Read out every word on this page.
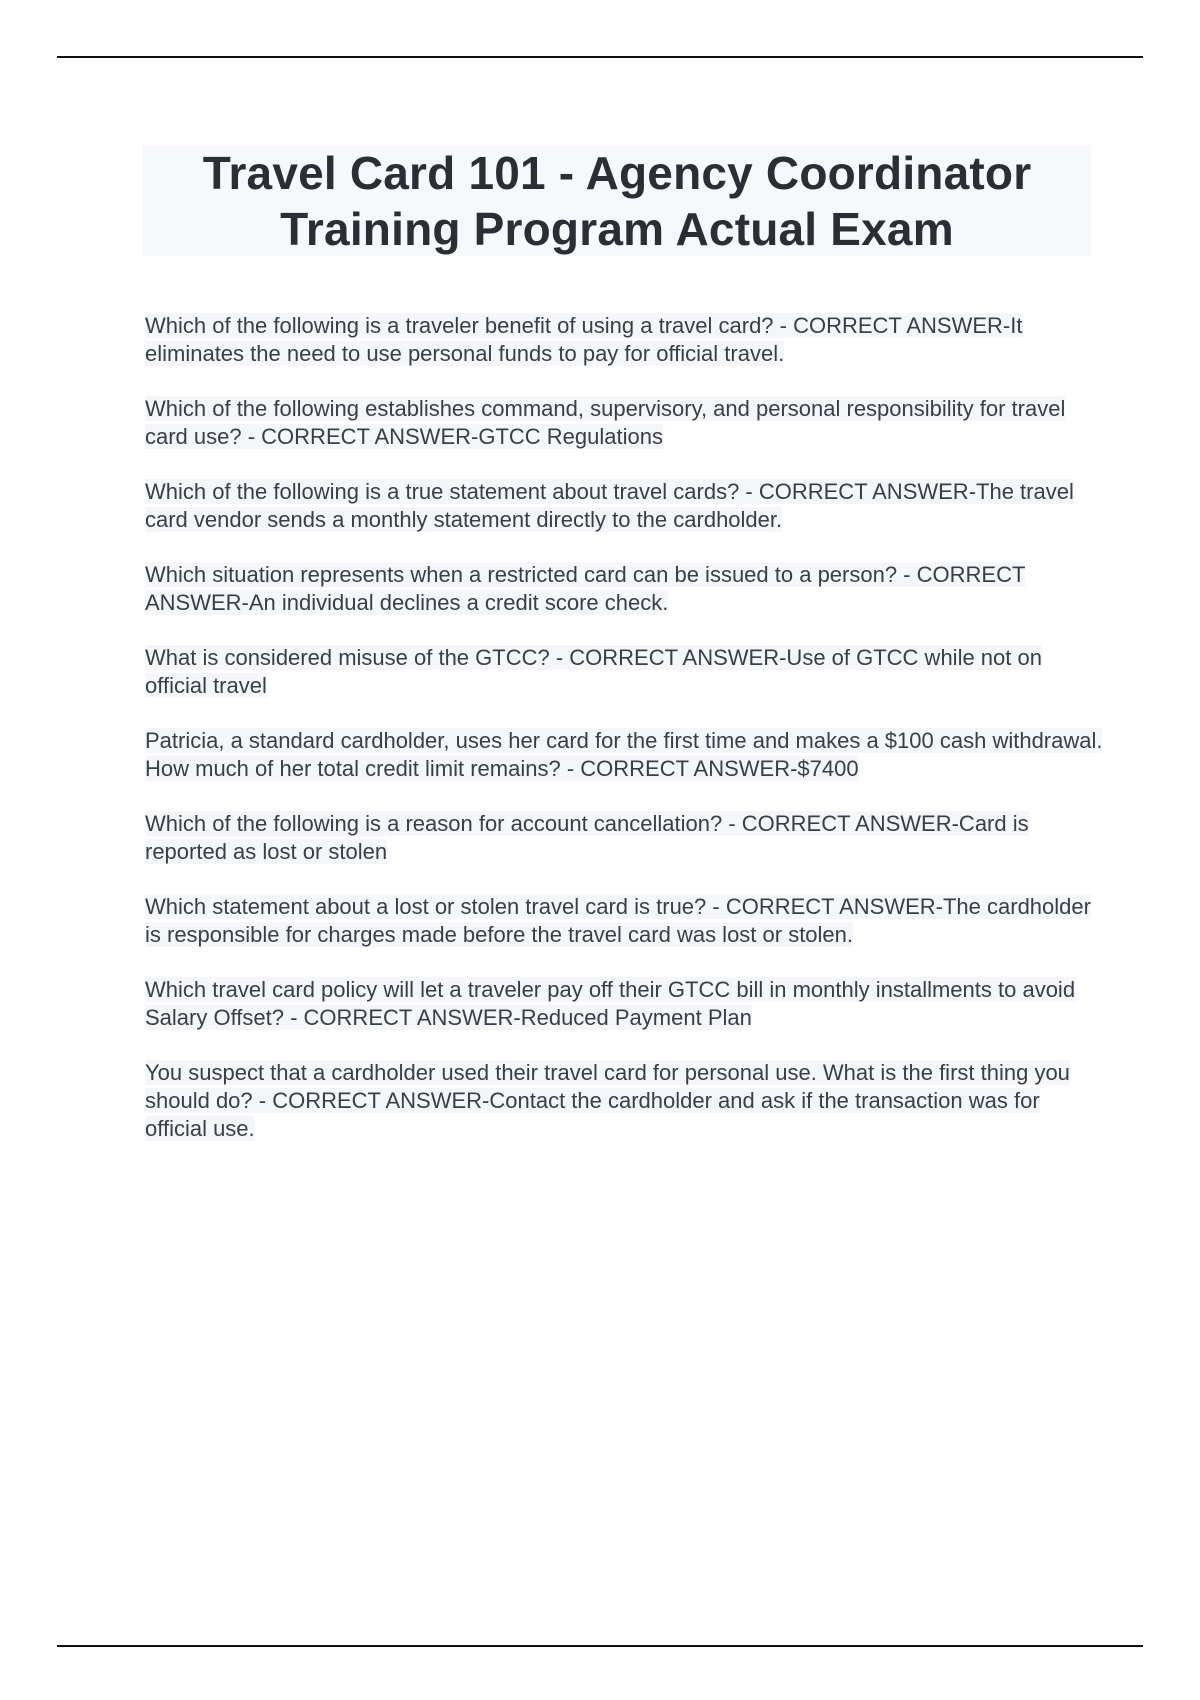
Travel Card 101 - Agency Coordinator
Training Program Actual Exam

Which of the following is a traveler benefit of using a travel card? - CORRECT ANSWER-It eliminates the need to use personal funds to pay for official travel.

Which of the following establishes command, supervisory, and personal responsibility for travel card use? - CORRECT ANSWER-GTCC Regulations

Which of the following is a true statement about travel cards? - CORRECT ANSWER-The travel card vendor sends a monthly statement directly to the cardholder.

Which situation represents when a restricted card can be issued to a person? - CORRECT ANSWER-An individual declines a credit score check.

What is considered misuse of the GTCC? - CORRECT ANSWER-Use of GTCC while not on official travel

Patricia, a standard cardholder, uses her card for the first time and makes a $100 cash withdrawal. How much of her total credit limit remains? - CORRECT ANSWER-$7400

Which of the following is a reason for account cancellation? - CORRECT ANSWER-Card is reported as lost or stolen

Which statement about a lost or stolen travel card is true? - CORRECT ANSWER-The cardholder is responsible for charges made before the travel card was lost or stolen.

Which travel card policy will let a traveler pay off their GTCC bill in monthly installments to avoid Salary Offset? - CORRECT ANSWER-Reduced Payment Plan

You suspect that a cardholder used their travel card for personal use. What is the first thing you should do? - CORRECT ANSWER-Contact the cardholder and ask if the transaction was for official use.
